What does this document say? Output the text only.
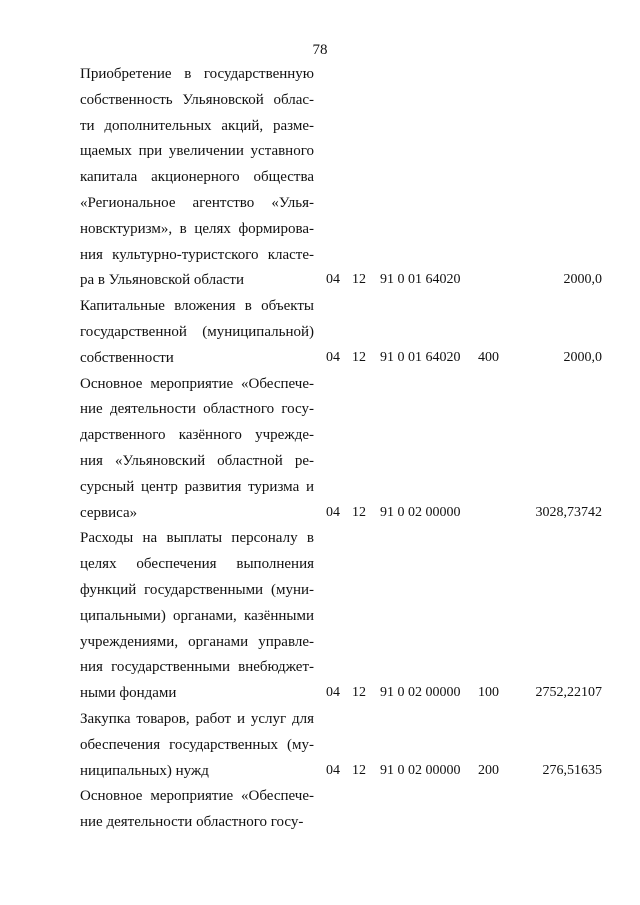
78
Приобретение в государственную
собственность Ульяновской облас-
ти дополнительных акций, разме-
щаемых при увеличении уставного
капитала акционерного общества
«Региональное агентство «Улья-
новсктуризм», в целях формирова-
ния культурно-туристского класте-
ра в Ульяновской области	04 12 91 0 01 64020	2000,0
Капитальные вложения в объекты
государственной (муниципальной)
собственности	04 12 91 0 01 64020 400	2000,0
Основное мероприятие «Обеспече-
ние деятельности областного госу-
дарственного казённого учрежде-
ния «Ульяновский областной ре-
сурсный центр развития туризма и
сервиса»	04 12 91 0 02 00000	3028,73742
Расходы на выплаты персоналу в
целях обеспечения выполнения
функций государственными (муни-
ципальными) органами, казёнными
учреждениями, органами управле-
ния государственными внебюджет-
ными фондами	04 12 91 0 02 00000 100	2752,22107
Закупка товаров, работ и услуг для
обеспечения государственных (му-
ниципальных) нужд	04 12 91 0 02 00000 200	276,51635
Основное мероприятие «Обеспече-
ние деятельности областного госу-
